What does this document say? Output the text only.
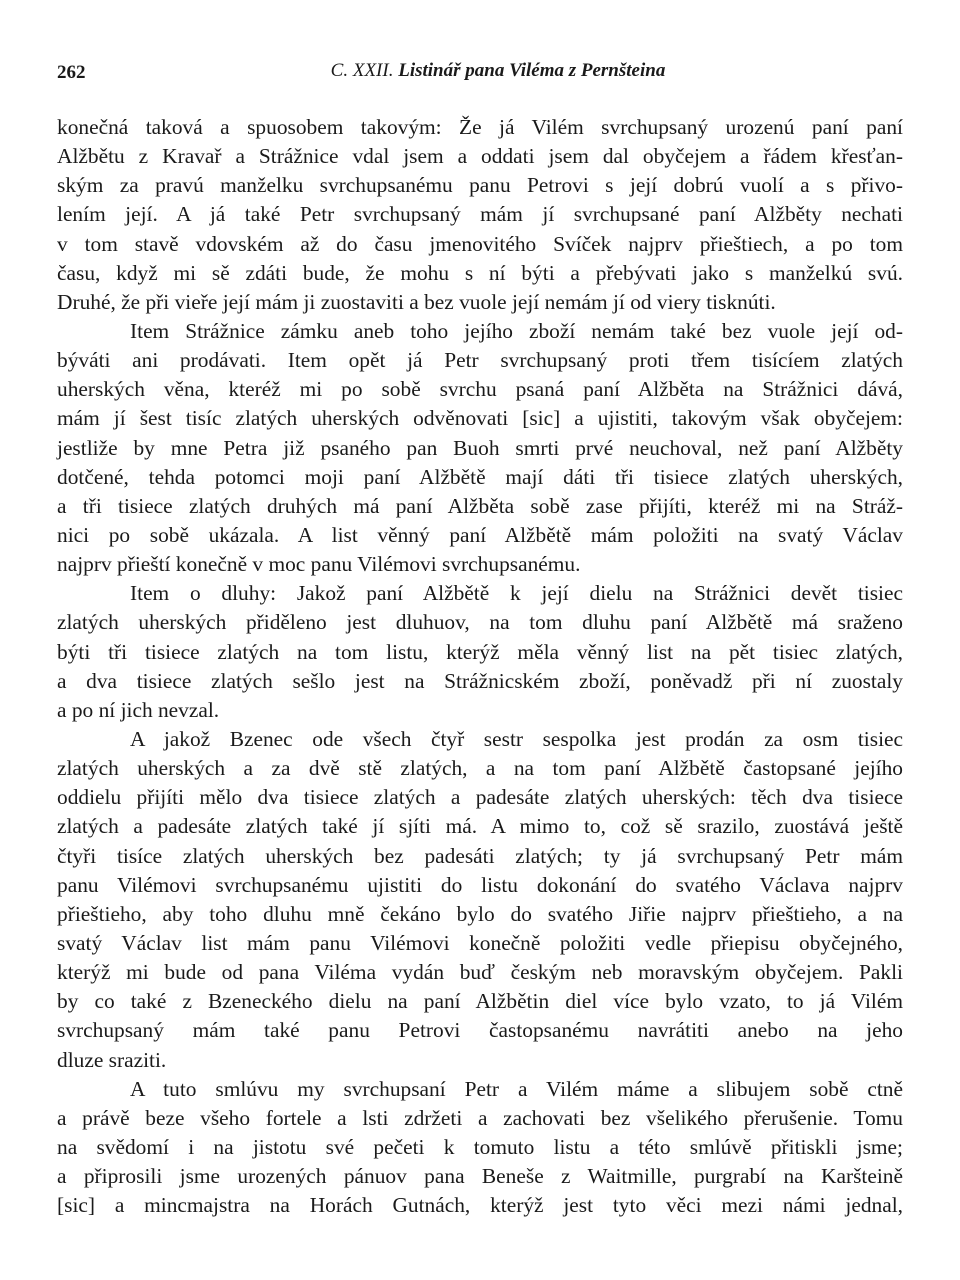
262	C. XXII. Listinář pana Viléma z Pernšteina
konečná taková a spuosobem takovým: Že já Vilém svrchupsaný urozenú paní paní
Alžbětu z Kravař a Strážnice vdal jsem a oddati jsem dal obyčejem a řádem křesťan-
ským za pravú manželku svrchupsanému panu Petrovi s její dobrú vuolí a s přivo-
lením její. A já také Petr svrchupsaný mám jí svrchupsané paní Alžběty nechati
v tom stavě vdovském až do času jmenovitého Svíček najprv přieštiech, a po tom
času, když mi sě zdáti bude, že mohu s ní býti a přebývati jako s manželkú svú.
Druhé, že při vieře její mám ji zuostaviti a bez vuole její nemám jí od viery tisknúti.
Item Strážnice zámku aneb toho jejího zboží nemám také bez vuole její od-
býváti ani prodávati. Item opět já Petr svrchupsaný proti třem tisícíem zlatých
uherských věna, kteréž mi po sobě svrchu psaná paní Alžběta na Strážnici dává,
mám jí šest tisíc zlatých uherských odvěnovati [sic] a ujistiti, takovým však obyčejem:
jestliže by mne Petra již psaného pan Buoh smrti prvé neuchoval, než paní Alžběty
dotčené, tehda potomci moji paní Alžbětě mají dáti tři tisiece zlatých uherských,
a tři tisiece zlatých druhých má paní Alžběta sobě zase přijíti, kteréž mi na Stráž-
nici po sobě ukázala. A list věnný paní Alžbětě mám položiti na svatý Václav
najprv přieští konečně v moc panu Vilémovi svrchupsanému.
Item o dluhy: Jakož paní Alžbětě k její dielu na Strážnici devět tisiec
zlatých uherských přiděleno jest dluhuov, na tom dluhu paní Alžbětě má sraženo
býti tři tisiece zlatých na tom listu, kterýž měla věnný list na pět tisiec zlatých,
a dva tisiece zlatých sešlo jest na Strážnicském zboží, poněvadž při ní zuostaly
a po ní jich nevzal.
A jakož Bzenec ode všech čtyř sestr sespolka jest prodán za osm tisiec
zlatých uherských a za dvě stě zlatých, a na tom paní Alžbětě častopsané jejího
oddielu přijíti mělo dva tisiece zlatých a padesáte zlatých uherských: těch dva tisiece
zlatých a padesáte zlatých také jí sjíti má. A mimo to, což sě srazilo, zuostává ještě
čtyři tisíce zlatých uherských bez padesáti zlatých; ty já svrchupsaný Petr mám
panu Vilémovi svrchupsanému ujistiti do listu dokonání do svatého Václava najprv
přieštieho, aby toho dluhu mně čekáno bylo do svatého Jiřie najprv přieštieho, a na
svatý Václav list mám panu Vilémovi konečně položiti vedle přiepisu obyčejného,
kterýž mi bude od pana Viléma vydán buď českým neb moravským obyčejem. Pakli
by co také z Bzeneckého dielu na paní Alžbětin diel více bylo vzato, to já Vilém
svrchupsaný mám také panu Petrovi častopsanému navrátiti anebo na jeho
dluze sraziti.
A tuto smlúvu my svrchupsaní Petr a Vilém máme a slibujem sobě ctně
a právě beze všeho fortele a lsti zdržeti a zachovati bez všelikého přerušenie. Tomu
na svědomí i na jistotu své pečeti k tomuto listu a této smlúvě přitiskli jsme;
a připrosili jsme urozených pánuov pana Beneše z Waitmille, purgrabí na Karšteině
[sic] a mincmajstra na Horách Gutnách, kterýž jest tyto věci mezi námi jednal,
